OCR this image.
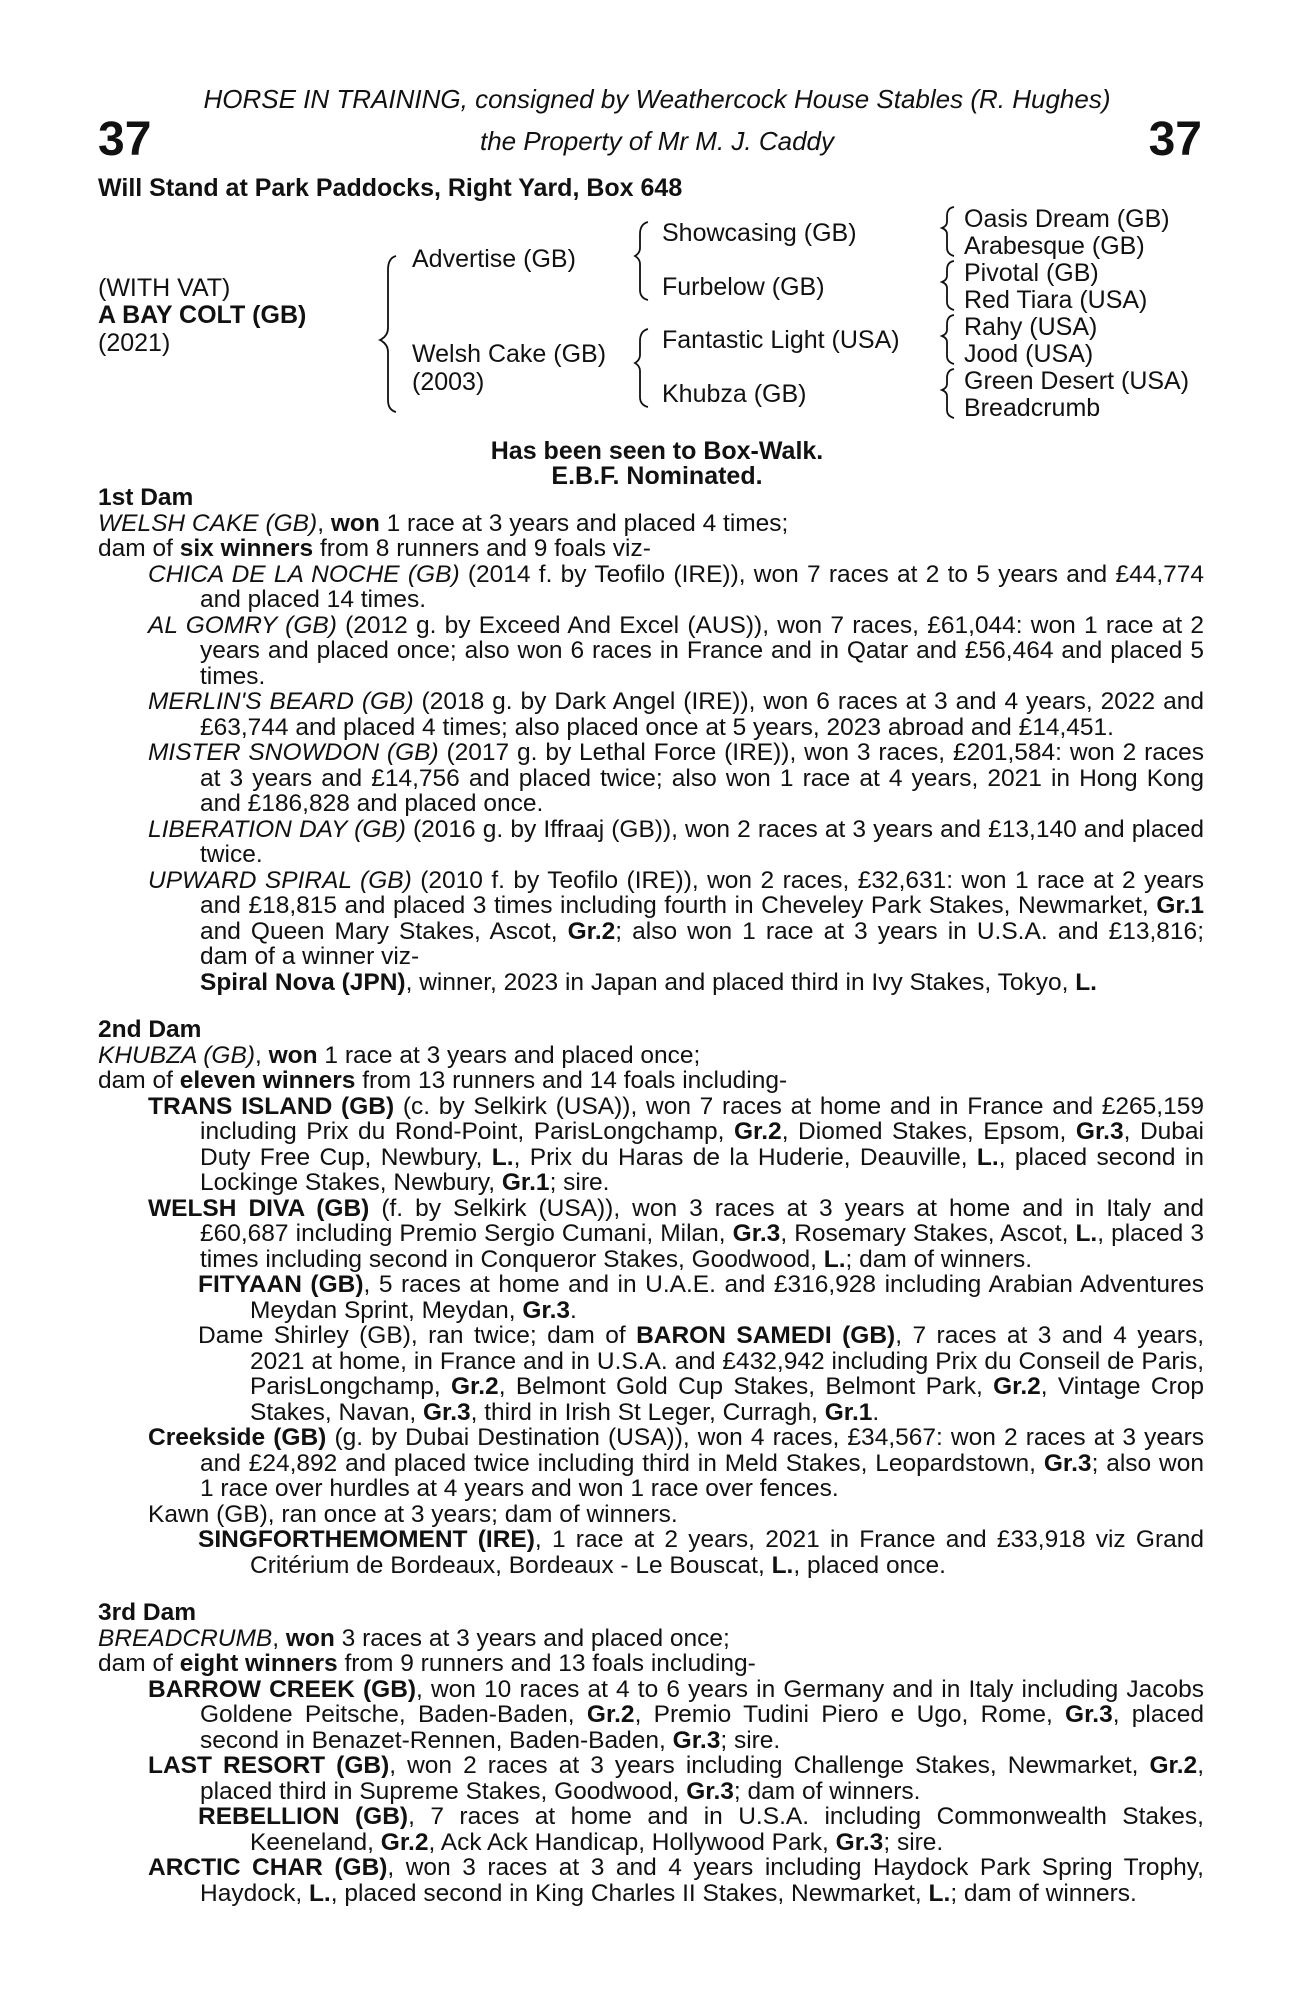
HORSE IN TRAINING, consigned by Weathercock House Stables (R. Hughes)
the Property of Mr M. J. Caddy
37	37
Will Stand at Park Paddocks, Right Yard, Box 648
(WITH VAT)
A BAY COLT (GB)
(2021)
Advertise (GB)
Welsh Cake (GB)
(2003)
Showcasing (GB)
Furbelow (GB)
Fantastic Light (USA)
Khubza (GB)
Oasis Dream (GB)
Arabesque (GB)
Pivotal (GB)
Red Tiara (USA)
Rahy (USA)
Jood (USA)
Green Desert (USA)
Breadcrumb
Has been seen to Box-Walk.
E.B.F. Nominated.

1st Dam

WELSH CAKE (GB), won 1 race at 3 years and placed 4 times;

dam of six winners from 8 runners and 9 foals viz-

CHICA DE LA NOCHE (GB) (2014 f. by Teofilo (IRE)), won 7 races at 2 to 5 years and £44,774 and placed 14 times.

AL GOMRY (GB) (2012 g. by Exceed And Excel (AUS)), won 7 races, £61,044: won 1 race at 2 years and placed once; also won 6 races in France and in Qatar and £56,464 and placed 5 times.

MERLIN'S BEARD (GB) (2018 g. by Dark Angel (IRE)), won 6 races at 3 and 4 years, 2022 and £63,744 and placed 4 times; also placed once at 5 years, 2023 abroad and £14,451.

MISTER SNOWDON (GB) (2017 g. by Lethal Force (IRE)), won 3 races, £201,584: won 2 races at 3 years and £14,756 and placed twice; also won 1 race at 4 years, 2021 in Hong Kong and £186,828 and placed once.

LIBERATION DAY (GB) (2016 g. by Iffraaj (GB)), won 2 races at 3 years and £13,140 and placed twice.

UPWARD SPIRAL (GB) (2010 f. by Teofilo (IRE)), won 2 races, £32,631: won 1 race at 2 years and £18,815 and placed 3 times including fourth in Cheveley Park Stakes, Newmarket, Gr.1 and Queen Mary Stakes, Ascot, Gr.2; also won 1 race at 3 years in U.S.A. and £13,816; dam of a winner viz-

Spiral Nova (JPN), winner, 2023 in Japan and placed third in Ivy Stakes, Tokyo, L.

2nd Dam

KHUBZA (GB), won 1 race at 3 years and placed once;

dam of eleven winners from 13 runners and 14 foals including-

TRANS ISLAND (GB) (c. by Selkirk (USA)), won 7 races at home and in France and £265,159 including Prix du Rond-Point, ParisLongchamp, Gr.2, Diomed Stakes, Epsom, Gr.3, Dubai Duty Free Cup, Newbury, L., Prix du Haras de la Huderie, Deauville, L., placed second in Lockinge Stakes, Newbury, Gr.1; sire.

WELSH DIVA (GB) (f. by Selkirk (USA)), won 3 races at 3 years at home and in Italy and £60,687 including Premio Sergio Cumani, Milan, Gr.3, Rosemary Stakes, Ascot, L., placed 3 times including second in Conqueror Stakes, Goodwood, L.; dam of winners.

FITYAAN (GB), 5 races at home and in U.A.E. and £316,928 including Arabian Adventures Meydan Sprint, Meydan, Gr.3.

Dame Shirley (GB), ran twice; dam of BARON SAMEDI (GB), 7 races at 3 and 4 years, 2021 at home, in France and in U.S.A. and £432,942 including Prix du Conseil de Paris, ParisLongchamp, Gr.2, Belmont Gold Cup Stakes, Belmont Park, Gr.2, Vintage Crop Stakes, Navan, Gr.3, third in Irish St Leger, Curragh, Gr.1.

Creekside (GB) (g. by Dubai Destination (USA)), won 4 races, £34,567: won 2 races at 3 years and £24,892 and placed twice including third in Meld Stakes, Leopardstown, Gr.3; also won 1 race over hurdles at 4 years and won 1 race over fences.

Kawn (GB), ran once at 3 years; dam of winners.

SINGFORTHEMOMENT (IRE), 1 race at 2 years, 2021 in France and £33,918 viz Grand Critérium de Bordeaux, Bordeaux - Le Bouscat, L., placed once.

3rd Dam

BREADCRUMB, won 3 races at 3 years and placed once;

dam of eight winners from 9 runners and 13 foals including-

BARROW CREEK (GB), won 10 races at 4 to 6 years in Germany and in Italy including Jacobs Goldene Peitsche, Baden-Baden, Gr.2, Premio Tudini Piero e Ugo, Rome, Gr.3, placed second in Benazet-Rennen, Baden-Baden, Gr.3; sire.

LAST RESORT (GB), won 2 races at 3 years including Challenge Stakes, Newmarket, Gr.2, placed third in Supreme Stakes, Goodwood, Gr.3; dam of winners.

REBELLION (GB), 7 races at home and in U.S.A. including Commonwealth Stakes, Keeneland, Gr.2, Ack Ack Handicap, Hollywood Park, Gr.3; sire.

ARCTIC CHAR (GB), won 3 races at 3 and 4 years including Haydock Park Spring Trophy, Haydock, L., placed second in King Charles II Stakes, Newmarket, L.; dam of winners.
